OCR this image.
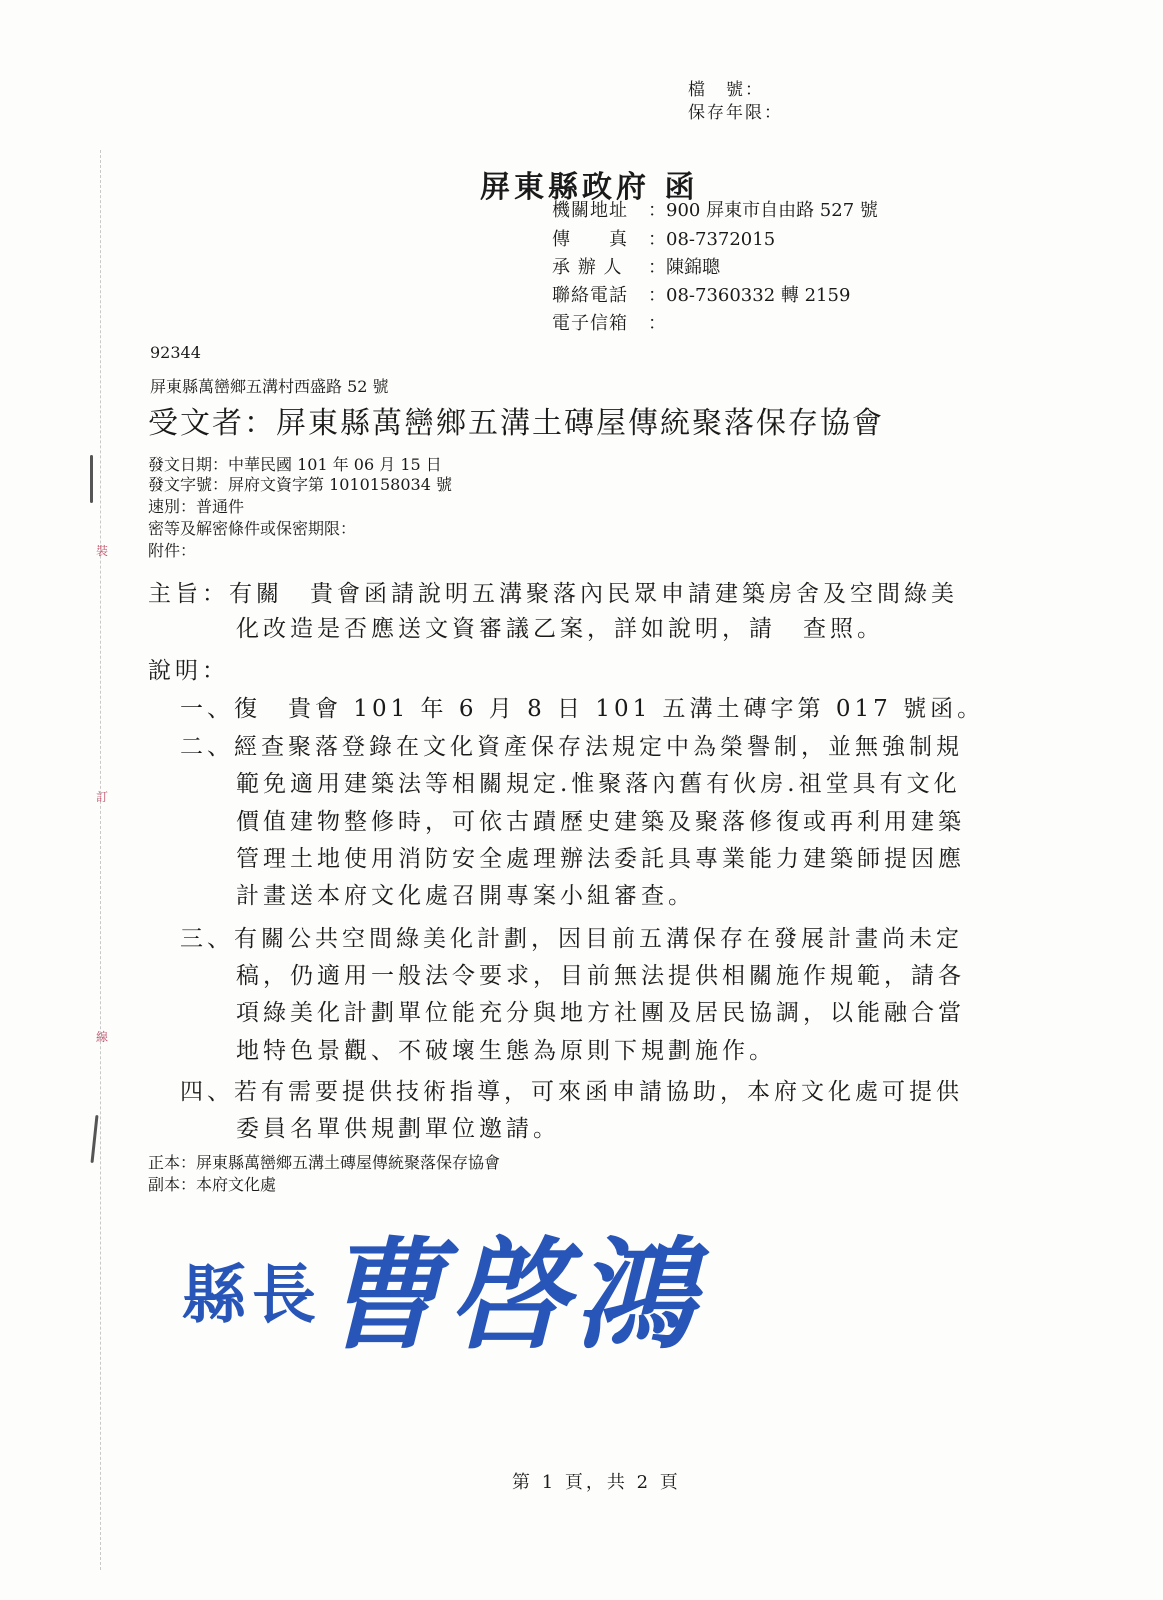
裝
訂
線
檔　號：
保存年限：
屏東縣政府 函
機關地址 ：900 屏東市自由路 527 號
傳　　真 ：08-7372015
承 辦 人 ：陳錦聰
聯絡電話 ：08-7360332 轉 2159
電子信箱 ：
92344
屏東縣萬巒鄉五溝村西盛路 52 號
受文者：屏東縣萬巒鄉五溝土磚屋傳統聚落保存協會
發文日期：中華民國 101 年 06 月 15 日
發文字號：屏府文資字第 1010158034 號
速別：普通件
密等及解密條件或保密期限：
附件：
主旨：有關　貴會函請說明五溝聚落內民眾申請建築房舍及空間綠美
化改造是否應送文資審議乙案，詳如說明，請　查照。
說明：
一、復　貴會 101 年 6 月 8 日 101 五溝土磚字第 017 號函。
二、經查聚落登錄在文化資產保存法規定中為榮譽制，並無強制規
範免適用建築法等相關規定.惟聚落內舊有伙房.祖堂具有文化
價值建物整修時，可依古蹟歷史建築及聚落修復或再利用建築
管理土地使用消防安全處理辦法委託具專業能力建築師提因應
計畫送本府文化處召開專案小組審查。
三、有關公共空間綠美化計劃，因目前五溝保存在發展計畫尚未定
稿，仍適用一般法令要求，目前無法提供相關施作規範，請各
項綠美化計劃單位能充分與地方社團及居民協調，以能融合當
地特色景觀、不破壞生態為原則下規劃施作。
四、若有需要提供技術指導，可來函申請協助，本府文化處可提供
委員名單供規劃單位邀請。
正本：屏東縣萬巒鄉五溝土磚屋傳統聚落保存協會
副本：本府文化處
縣長曹啓鴻
第 1 頁，共 2 頁
